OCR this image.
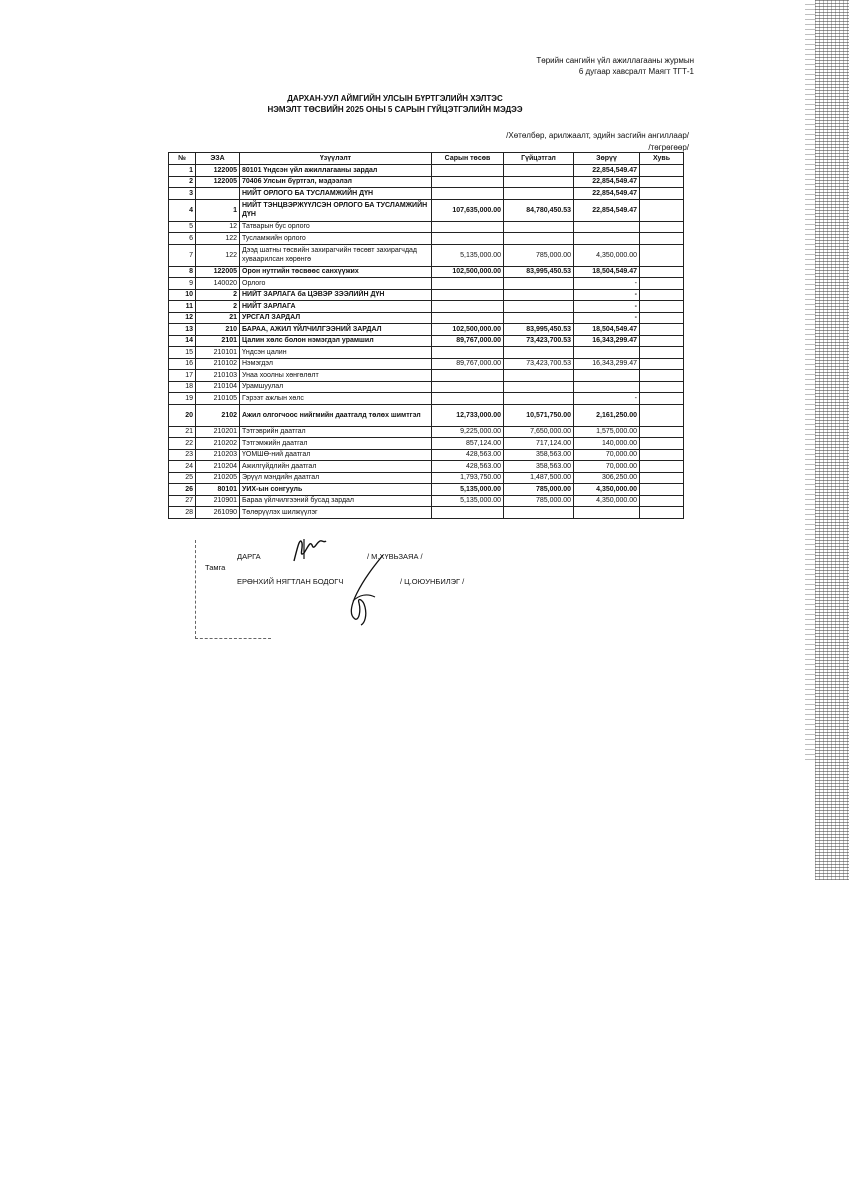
Төрийн сангийн үйл ажиллагааны журмын
6 дугаар хавсралт Маягт ТГТ-1
ДАРХАН-УУЛ АЙМГИЙН УЛСЫН БҮРТГЭЛИЙН ХЭЛТЭС
НЭМЭЛТ ТӨСВИЙН 2025 ОНЫ 5 САРЫН ГҮЙЦЭТГЭЛИЙН МЭДЭЭ
/Хөтөлбөр, арилжаалт, эдийн засгийн ангиллаар/
/төгрөгөөр/
№	ЭЗА	Үзүүлэлт	Сарын төсөв	Гүйцэтгэл	Зөрүү	Хувь
1	122005	80101 Үндсэн үйл ажиллагааны зардал			22,854,549.47	
2	122005	70406 Улсын бүртгэл, мэдээлэл			22,854,549.47	
3		НИЙТ ОРЛОГО БА ТУСЛАМЖИЙН ДҮН			22,854,549.47	
4	1	НИЙТ ТЭНЦВЭРЖҮҮЛСЭН ОРЛОГО БА ТУСЛАМЖИЙН ДҮН	107,635,000.00	84,780,450.53	22,854,549.47	
5	12	Татварын бус орлого				
6	122	Тусламжийн орлого				
7	122	Дээд шатны төсвийн захирагчийн төсөвт захирагчдад хуваарилсан хөрөнгө	5,135,000.00	785,000.00	4,350,000.00	
8	122005	Орон нутгийн төсвөөс санхүүжих	102,500,000.00	83,995,450.53	18,504,549.47	
9	140020	Орлого			-	
10	2	НИЙТ ЗАРЛАГА ба ЦЭВЭР ЗЭЭЛИЙН ДҮН			-	
11	2	НИЙТ ЗАРЛАГА			-	
12	21	УРСГАЛ ЗАРДАЛ			-	
13	210	БАРАА, АЖИЛ ҮЙЛЧИЛГЭЭНИЙ ЗАРДАЛ	102,500,000.00	83,995,450.53	18,504,549.47	
14	2101	Цалин хөлс болон нэмэгдэл урамшил	89,767,000.00	73,423,700.53	16,343,299.47	
15	210101	Үндсэн цалин				
16	210102	Нэмэгдэл	89,767,000.00	73,423,700.53	16,343,299.47	
17	210103	Унаа хоолны хөнгөлөлт				
18	210104	Урамшуулал				
19	210105	Гэрээт ажлын хөлс			-	
20	2102	Ажил олгогчоос нийгмийн даатгалд төлөх шимтгэл	12,733,000.00	10,571,750.00	2,161,250.00	
21	210201	Тэтгэврийн даатгал	9,225,000.00	7,650,000.00	1,575,000.00	
22	210202	Тэтгэмжийн даатгал	857,124.00	717,124.00	140,000.00	
23	210203	ҮОМШӨ-ний даатгал	428,563.00	358,563.00	70,000.00	
24	210204	Ажилгүйдлийн даатгал	428,563.00	358,563.00	70,000.00	
25	210205	Эрүүл мэндийн даатгал	1,793,750.00	1,487,500.00	306,250.00	
26	80101	УИХ-ын сонгууль	5,135,000.00	785,000.00	4,350,000.00	
27	210901	Бараа үйлчилгээний бусад зардал	5,135,000.00	785,000.00	4,350,000.00	
28	261090	Төлөрүүлэх шилжүүлэг				
Тамга
ДАРГА	/ М.ХҮВЬЗАЯА /
ЕРӨНХИЙ НЯГТЛАН БОДОГЧ	/ Ц.ОЮУНБИЛЭГ /
